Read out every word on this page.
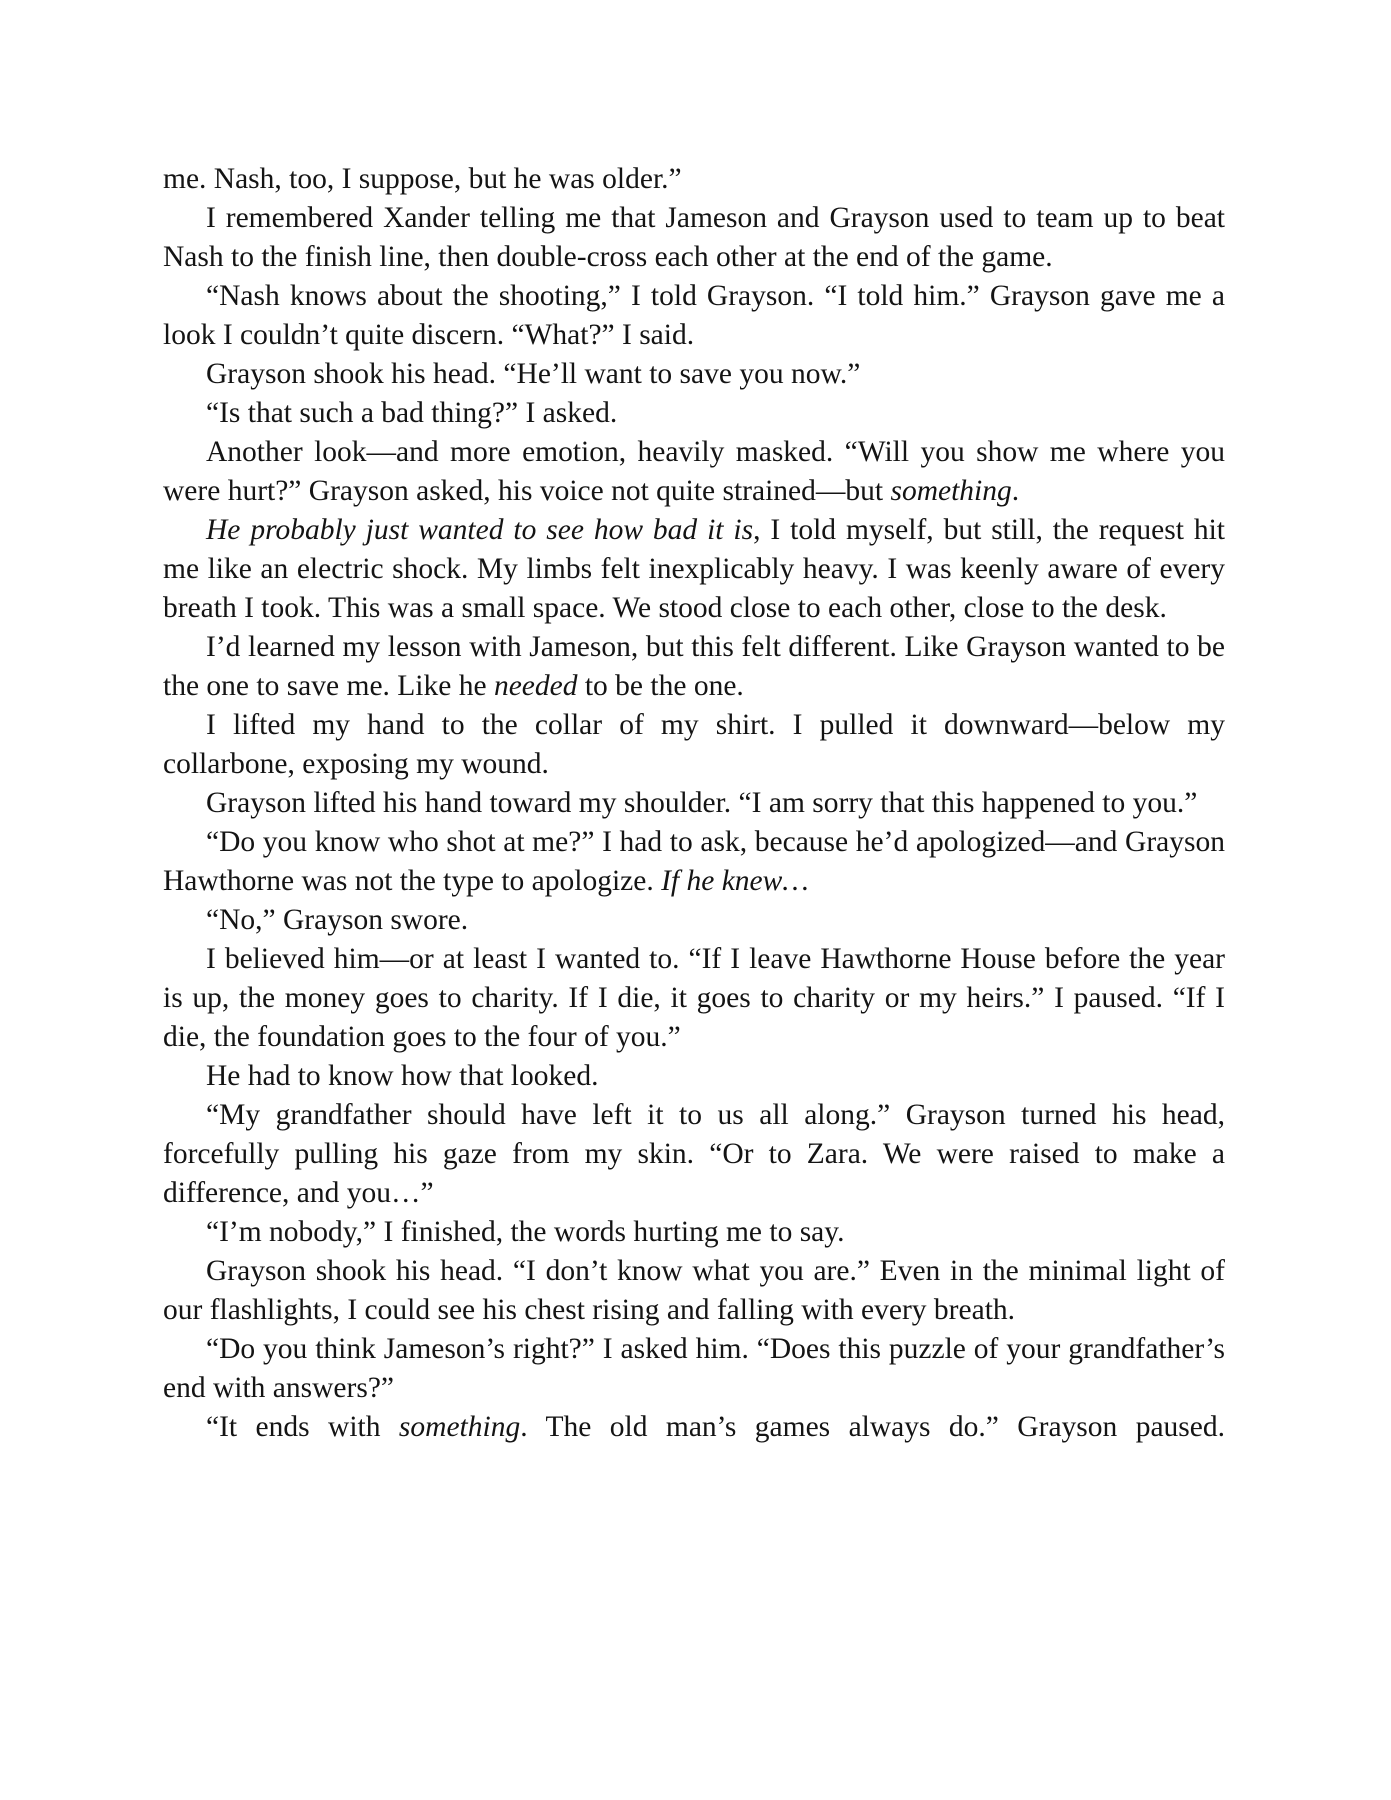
me. Nash, too, I suppose, but he was older.”

I remembered Xander telling me that Jameson and Grayson used to team up to beat Nash to the finish line, then double-cross each other at the end of the game.

“Nash knows about the shooting,” I told Grayson. “I told him.” Grayson gave me a look I couldn’t quite discern. “What?” I said.

Grayson shook his head. “He’ll want to save you now.”

“Is that such a bad thing?” I asked.

Another look—and more emotion, heavily masked. “Will you show me where you were hurt?” Grayson asked, his voice not quite strained—but something.

He probably just wanted to see how bad it is, I told myself, but still, the request hit me like an electric shock. My limbs felt inexplicably heavy. I was keenly aware of every breath I took. This was a small space. We stood close to each other, close to the desk.

I’d learned my lesson with Jameson, but this felt different. Like Grayson wanted to be the one to save me. Like he needed to be the one.

I lifted my hand to the collar of my shirt. I pulled it downward—below my collarbone, exposing my wound.

Grayson lifted his hand toward my shoulder. “I am sorry that this happened to you.”

“Do you know who shot at me?” I had to ask, because he’d apologized—and Grayson Hawthorne was not the type to apologize. If he knew…

“No,” Grayson swore.

I believed him—or at least I wanted to. “If I leave Hawthorne House before the year is up, the money goes to charity. If I die, it goes to charity or my heirs.” I paused. “If I die, the foundation goes to the four of you.”

He had to know how that looked.

“My grandfather should have left it to us all along.” Grayson turned his head, forcefully pulling his gaze from my skin. “Or to Zara. We were raised to make a difference, and you…”

“I’m nobody,” I finished, the words hurting me to say.

Grayson shook his head. “I don’t know what you are.” Even in the minimal light of our flashlights, I could see his chest rising and falling with every breath.

“Do you think Jameson’s right?” I asked him. “Does this puzzle of your grandfather’s end with answers?”

“It ends with something. The old man’s games always do.” Grayson paused.
